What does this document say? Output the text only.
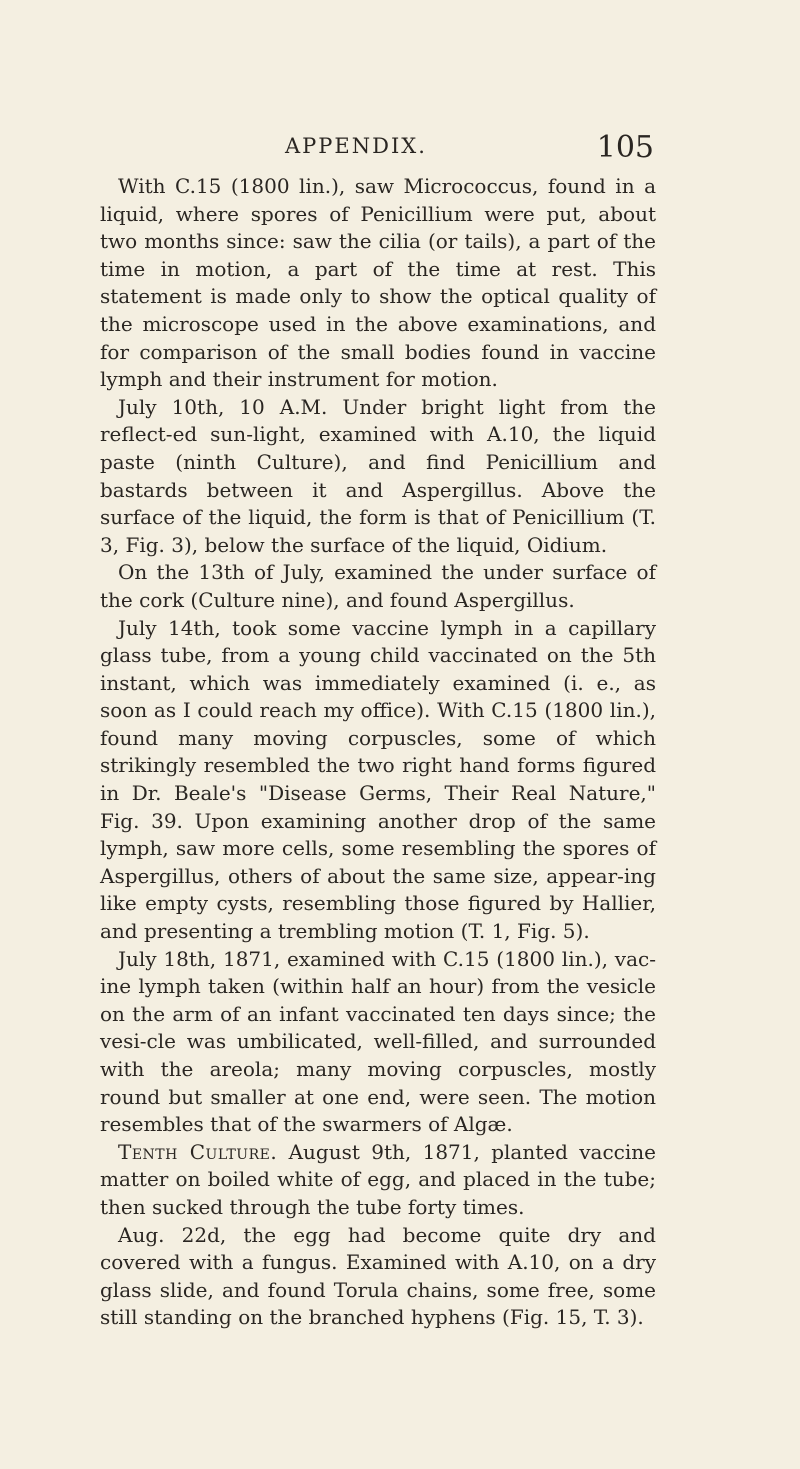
APPENDIX.	105

With C.15 (1800 lin.), saw Micrococcus, found in a liquid, where spores of Penicillium were put, about two months since: saw the cilia (or tails), a part of the time in motion, a part of the time at rest. This statement is made only to show the optical quality of the microscope used in the above examinations, and for comparison of the small bodies found in vaccine lymph and their instrument for motion.

July 10th, 10 A.M. Under bright light from the reflect-ed sun-light, examined with A.10, the liquid paste (ninth Culture), and find Penicillium and bastards between it and Aspergillus. Above the surface of the liquid, the form is that of Penicillium (T. 3, Fig. 3), below the surface of the liquid, Oidium.

On the 13th of July, examined the under surface of the cork (Culture nine), and found Aspergillus.

July 14th, took some vaccine lymph in a capillary glass tube, from a young child vaccinated on the 5th instant, which was immediately examined (i. e., as soon as I could reach my office). With C.15 (1800 lin.), found many moving corpuscles, some of which strikingly resembled the two right hand forms figured in Dr. Beale's "Disease Germs, Their Real Nature," Fig. 39. Upon examining another drop of the same lymph, saw more cells, some resembling the spores of Aspergillus, others of about the same size, appear-ing like empty cysts, resembling those figured by Hallier, and presenting a trembling motion (T. 1, Fig. 5).

July 18th, 1871, examined with C.15 (1800 lin.), vac-ine lymph taken (within half an hour) from the vesicle on the arm of an infant vaccinated ten days since; the vesi-cle was umbilicated, well-filled, and surrounded with the areola; many moving corpuscles, mostly round but smaller at one end, were seen. The motion resembles that of the swarmers of Algæ.

Tenth Culture. August 9th, 1871, planted vaccine matter on boiled white of egg, and placed in the tube; then sucked through the tube forty times.

Aug. 22d, the egg had become quite dry and covered with a fungus. Examined with A.10, on a dry glass slide, and found Torula chains, some free, some still standing on the branched hyphens (Fig. 15, T. 3).
